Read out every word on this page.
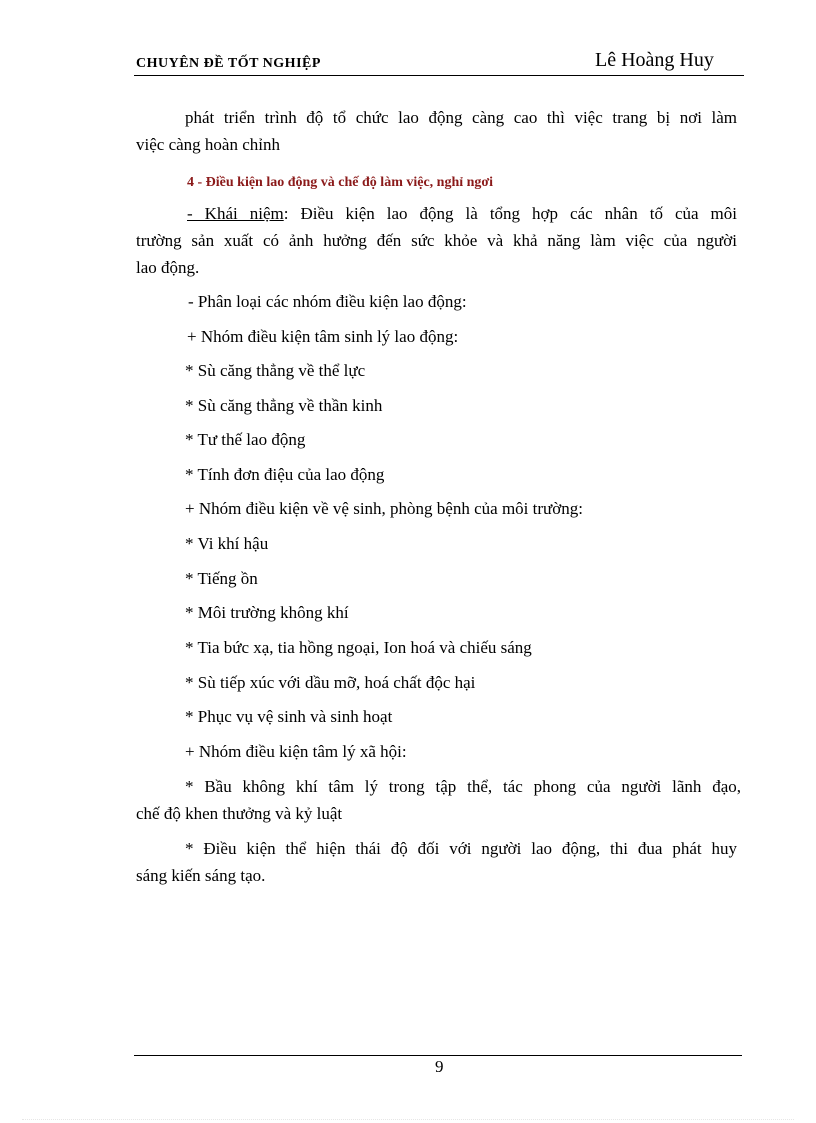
CHUYÊN ĐỀ TỐT NGHIỆP	Lê Hoàng Huy
phát triển trình độ tổ chức lao động càng cao thì việc trang bị nơi làm
việc càng hoàn chỉnh
4 - Điều kiện lao động và chế độ làm việc, nghỉ ngơi
- Khái niệm: Điều kiện lao động là tổng hợp các nhân tố của môi
trường sản xuất có ảnh hưởng đến sức khỏe và khả năng làm việc của người
lao động.
- Phân loại các nhóm điều kiện lao động:
+ Nhóm điều kiện tâm sinh lý lao động:
* Sù căng thẳng về thể lực
* Sù căng thẳng về thần kinh
* Tư thế lao động
* Tính đơn điệu của lao động
+ Nhóm điều kiện về vệ sinh, phòng bệnh của môi trường:
* Vi khí hậu
* Tiếng ồn
* Môi trường không khí
* Tia bức xạ, tia hồng ngoại, Ion hoá và chiếu sáng
* Sù tiếp xúc với dầu mỡ, hoá chất độc hại
* Phục vụ vệ sinh và sinh hoạt
+ Nhóm điều kiện tâm lý xã hội:
* Bầu không khí tâm lý trong tập thể, tác phong của người lãnh đạo,
chế độ khen thưởng và kỷ luật
* Điều kiện thể hiện thái độ đối với người lao động, thi đua phát huy
sáng kiến sáng tạo.
9
